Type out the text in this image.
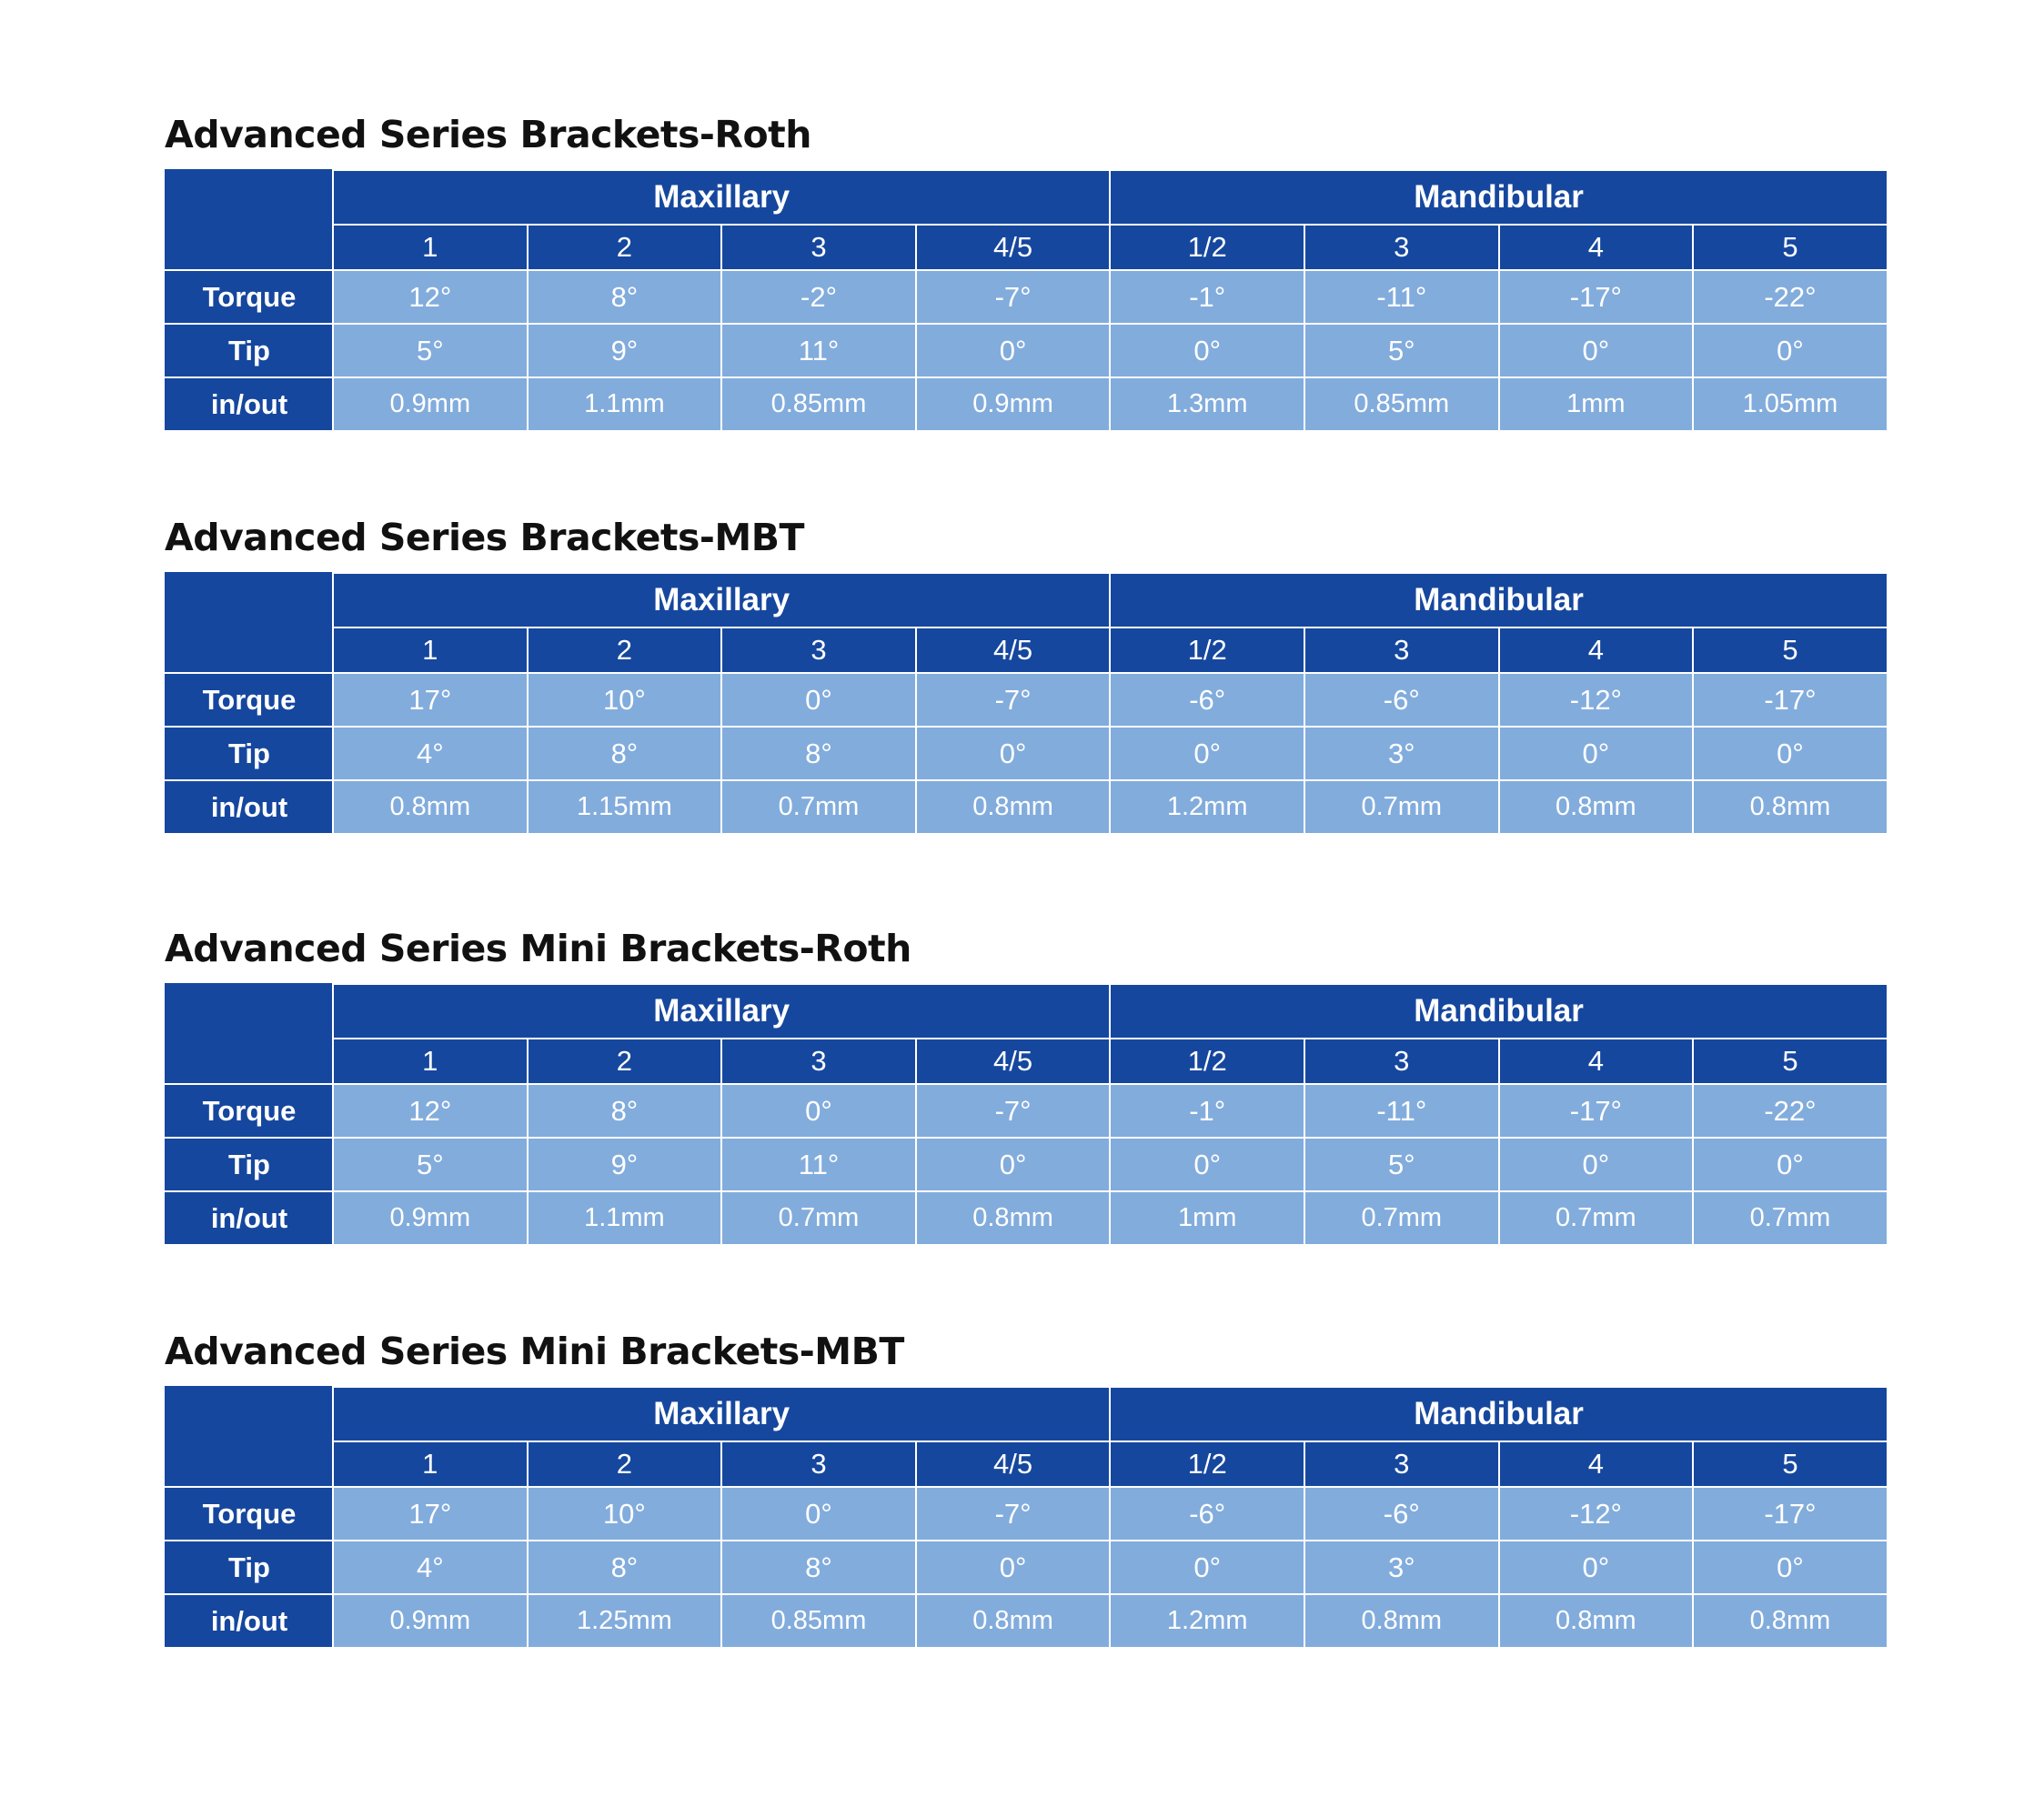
Advanced Series Brackets-Roth
	Maxillary				Mandibular			
	1	2	3	4/5	1/2	3	4	5
Torque	12°	8°	-2°	-7°	-1°	-11°	-17°	-22°
Tip	5°	9°	11°	0°	0°	5°	0°	0°
in/out	0.9mm	1.1mm	0.85mm	0.9mm	1.3mm	0.85mm	1mm	1.05mm
Advanced Series Brackets-MBT
	Maxillary				Mandibular			
	1	2	3	4/5	1/2	3	4	5
Torque	17°	10°	0°	-7°	-6°	-6°	-12°	-17°
Tip	4°	8°	8°	0°	0°	3°	0°	0°
in/out	0.8mm	1.15mm	0.7mm	0.8mm	1.2mm	0.7mm	0.8mm	0.8mm
Advanced Series Mini Brackets-Roth
	Maxillary				Mandibular			
	1	2	3	4/5	1/2	3	4	5
Torque	12°	8°	0°	-7°	-1°	-11°	-17°	-22°
Tip	5°	9°	11°	0°	0°	5°	0°	0°
in/out	0.9mm	1.1mm	0.7mm	0.8mm	1mm	0.7mm	0.7mm	0.7mm
Advanced Series Mini Brackets-MBT
	Maxillary				Mandibular			
	1	2	3	4/5	1/2	3	4	5
Torque	17°	10°	0°	-7°	-6°	-6°	-12°	-17°
Tip	4°	8°	8°	0°	0°	3°	0°	0°
in/out	0.9mm	1.25mm	0.85mm	0.8mm	1.2mm	0.8mm	0.8mm	0.8mm
